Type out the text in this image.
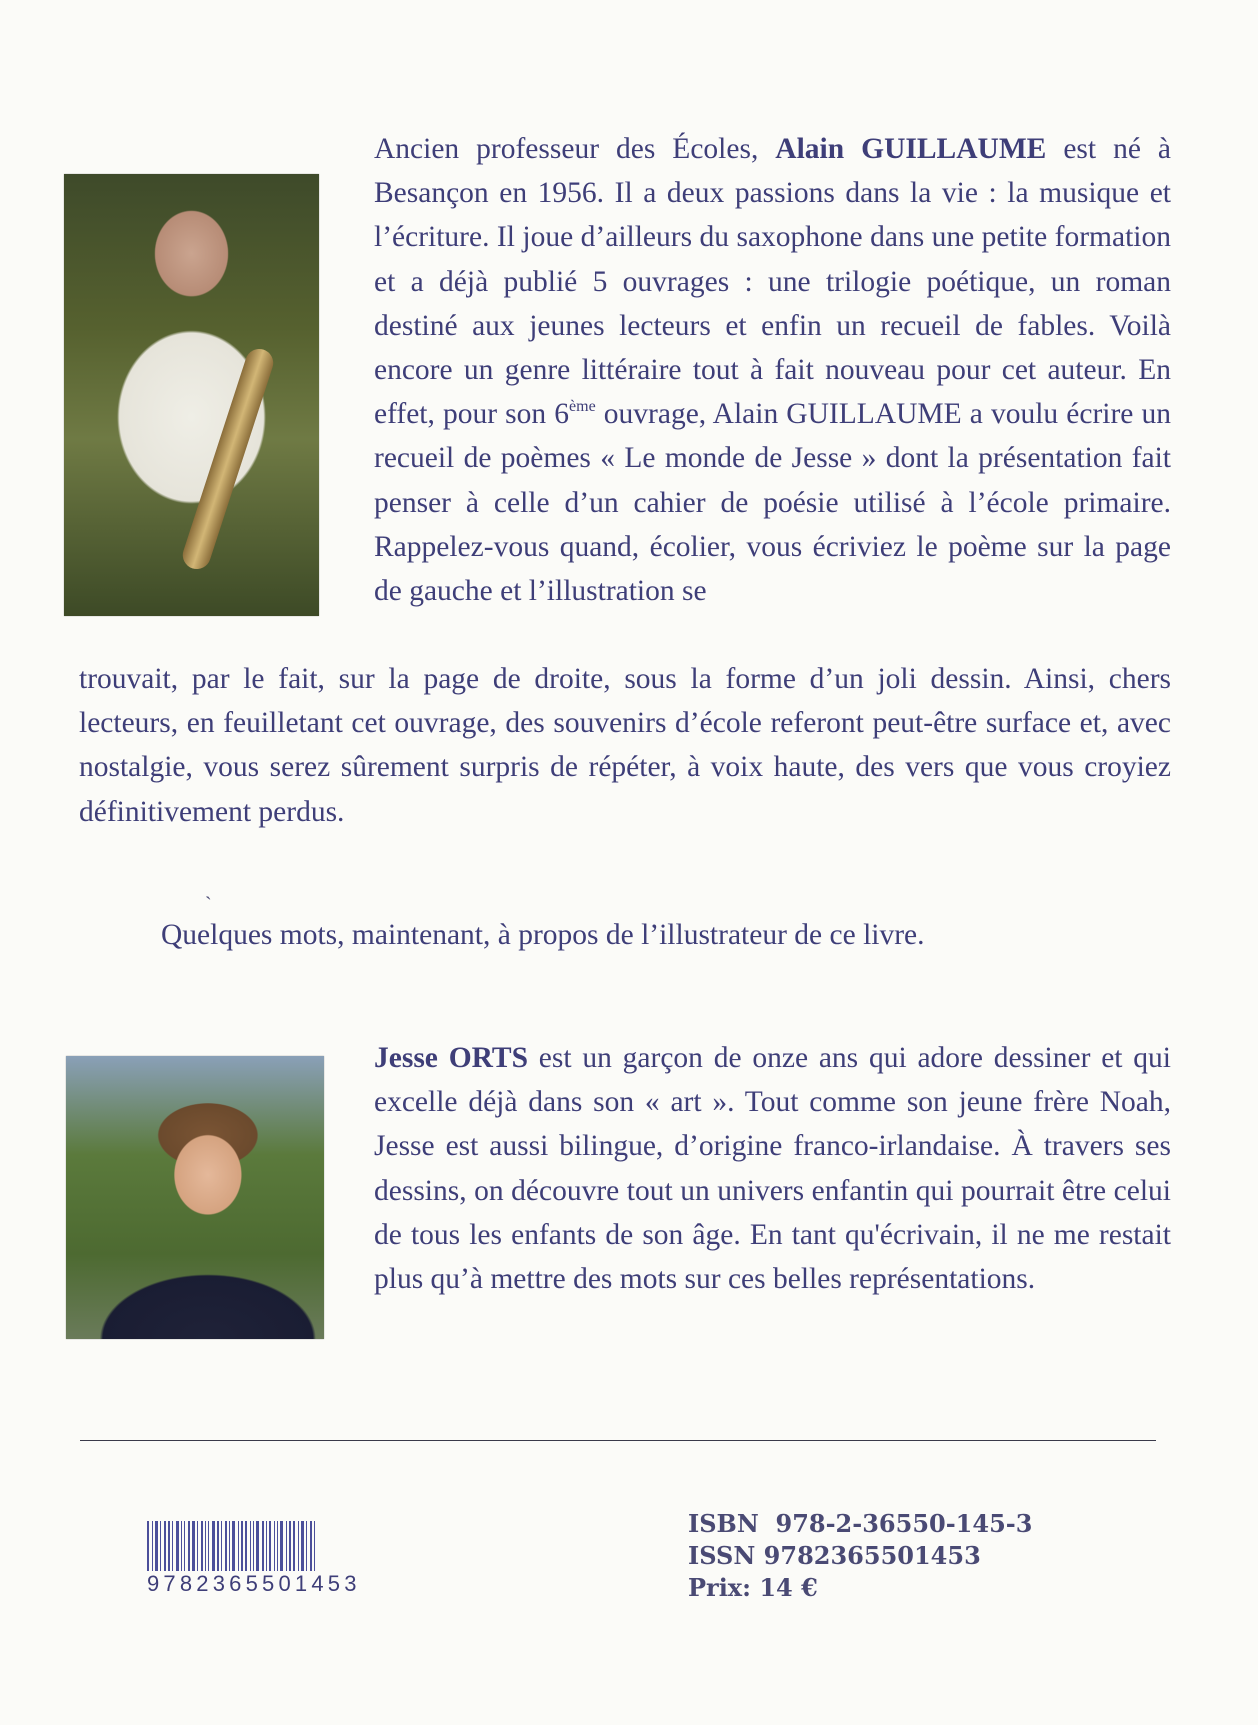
Ancien professeur des Écoles, Alain GUILLAUME est né à Besançon en 1956. Il a deux passions dans la vie : la musique et l’écriture. Il joue d’ailleurs du saxophone dans une petite formation et a déjà publié 5 ouvrages : une trilogie poétique, un roman destiné aux jeunes lecteurs et enfin un recueil de fables. Voilà encore un genre littéraire tout à fait nouveau pour cet auteur. En effet, pour son 6ème ouvrage, Alain GUILLAUME a voulu écrire un recueil de poèmes « Le monde de Jesse » dont la présentation fait penser à celle d’un cahier de poésie utilisé à l’école primaire. Rappelez-vous quand, écolier, vous écriviez le poème sur la page de gauche et l’illustration se

trouvait, par le fait, sur la page de droite, sous la forme d’un joli dessin. Ainsi, chers lecteurs, en feuilletant cet ouvrage, des souvenirs d’école referont peut-être surface et, avec nostalgie, vous serez sûrement surpris de répéter, à voix haute, des vers que vous croyiez définitivement perdus.

ˏ

Quelques mots, maintenant, à propos de l’illustrateur de ce livre.

Jesse ORTS est un garçon de onze ans qui adore dessiner et qui excelle déjà dans son « art ». Tout comme son jeune frère Noah, Jesse est aussi bilingue, d’origine franco-irlandaise. À travers ses dessins, on découvre tout un univers enfantin qui pourrait être celui de tous les enfants de son âge. En tant qu'écrivain, il ne me restait plus qu’à mettre des mots sur ces belles représentations.

9782365501453
ISBN 978-2-36550-145-3
ISSN 9782365501453
Prix: 14 €
